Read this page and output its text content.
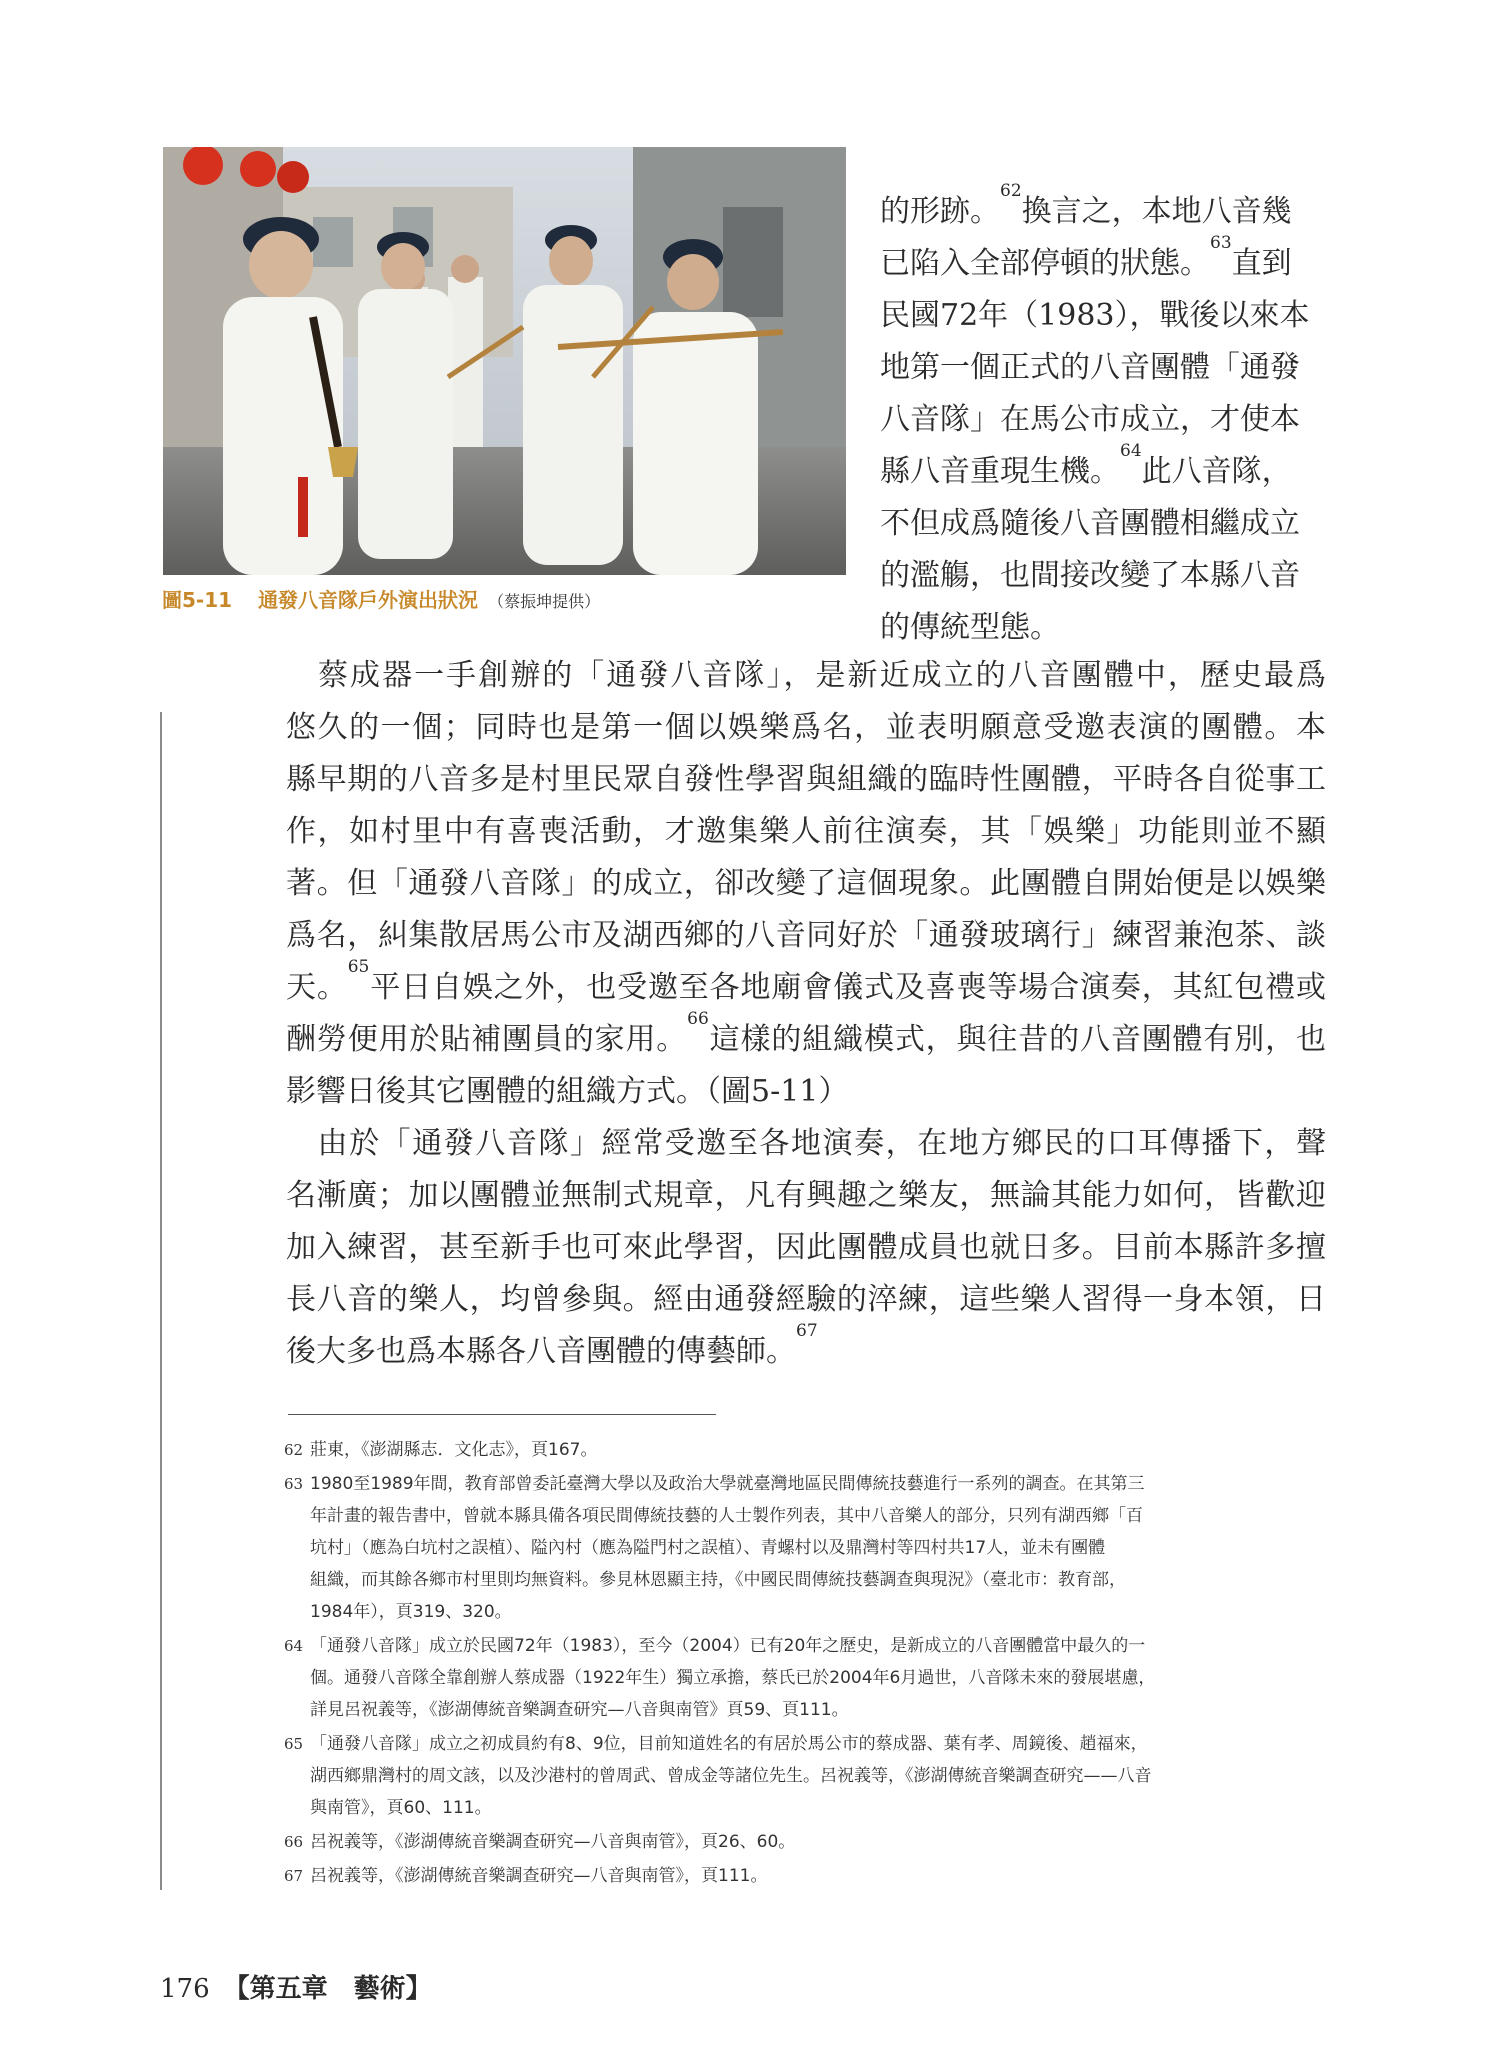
圖5-11 通發八音隊戶外演出狀況 （蔡振坤提供）
的形跡。$^{62}$換言之，本地八音幾
已陷入全部停頓的狀態。$^{63}$直到
民國72年（1983），戰後以來本
地第一個正式的八音團體「通發
八音隊」在馬公市成立，才使本
縣八音重現生機。$^{64}$此八音隊，
不但成爲隨後八音團體相繼成立
的濫觴，也間接改變了本縣八音
的傳統型態。
　蔡成器一手創辦的「通發八音隊」，是新近成立的八音團體中，歷史最爲
悠久的一個；同時也是第一個以娛樂爲名，並表明願意受邀表演的團體。本
縣早期的八音多是村里民眾自發性學習與組織的臨時性團體，平時各自從事工
作，如村里中有喜喪活動，才邀集樂人前往演奏，其「娛樂」功能則並不顯
著。但「通發八音隊」的成立，卻改變了這個現象。此團體自開始便是以娛樂
爲名，糾集散居馬公市及湖西鄉的八音同好於「通發玻璃行」練習兼泡茶、談
天。$^{65}$平日自娛之外，也受邀至各地廟會儀式及喜喪等場合演奏，其紅包禮或
酬勞便用於貼補團員的家用。$^{66}$這樣的組織模式，與往昔的八音團體有別，也
影響日後其它團體的組織方式。（圖5-11）
　由於「通發八音隊」經常受邀至各地演奏，在地方鄉民的口耳傳播下，聲
名漸廣；加以團體並無制式規章，凡有興趣之樂友，無論其能力如何，皆歡迎
加入練習，甚至新手也可來此學習，因此團體成員也就日多。目前本縣許多擅
長八音的樂人，均曾參與。經由通發經驗的淬練，這些樂人習得一身本領，日
後大多也爲本縣各八音團體的傳藝師。$^{67}$
62 莊東，《澎湖縣志．文化志》，頁167。
63 1980至1989年間，教育部曾委託臺灣大學以及政治大學就臺灣地區民間傳統技藝進行一系列的調查。在其第三
年計畫的報告書中，曾就本縣具備各項民間傳統技藝的人士製作列表，其中八音樂人的部分，只列有湖西鄉「百
坑村」（應為白坑村之誤植）、隘內村（應為隘門村之誤植）、青螺村以及鼎灣村等四村共17人，並未有團體
組織，而其餘各鄉市村里則均無資料。參見林恩顯主持，《中國民間傳統技藝調查與現況》（臺北市：教育部，
1984年），頁319、320。
64 「通發八音隊」成立於民國72年（1983），至今（2004）已有20年之歷史，是新成立的八音團體當中最久的一
個。通發八音隊全靠創辦人蔡成器（1922年生）獨立承擔，蔡氏已於2004年6月過世，八音隊未來的發展堪慮，
詳見呂祝義等，《澎湖傳統音樂調查研究—八音與南管》頁59、頁111。
65 「通發八音隊」成立之初成員約有8、9位，目前知道姓名的有居於馬公市的蔡成器、葉有孝、周鏡後、趙福來，
湖西鄉鼎灣村的周文該，以及沙港村的曾周武、曾成金等諸位先生。呂祝義等，《澎湖傳統音樂調查研究——八音
與南管》，頁60、111。
66 呂祝義等，《澎湖傳統音樂調查研究—八音與南管》，頁26、60。
67 呂祝義等，《澎湖傳統音樂調查研究—八音與南管》，頁111。
176 【第五章　藝術】
